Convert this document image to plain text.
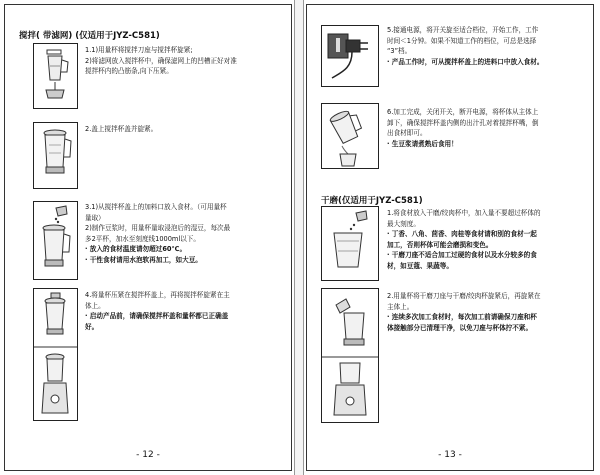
搅拌( 带滤网) (仅适用于JYZ-C581)

1.1)用量杯将搅拌刀座与搅拌杯旋紧;

2)将滤网放入搅拌杯中，确保滤网上的凹槽正好对准

搅拌杯内的凸筋条,向下压紧。

2.盖上搅拌杯盖并旋紧。

3.1)从搅拌杯盖上的加料口放入食材。（可用量杯

量取）

2)制作豆浆时，用量杯量取浸泡后的湿豆，每次最

多2平杯，加水至刻度线1000ml以下。

· 放入的食材温度请勿超过60℃。

· 干性食材请用水泡软再加工，如大豆。

4.将量杯压紧在搅拌杯盖上，再将搅拌杯旋紧在主

体上。

· 启动产品前，请确保搅拌杯盖和量杯都已正确盖

好。

- 12 -

5.接通电源，将开关旋至适合档位，开始工作，工作

时间＜1分钟。如果不知道工作的档位，可总是选择

“3”档。

· 产品工作时，可从搅拌杯盖上的进料口中放入食材。

6.加工完成，关闭开关，断开电源，将杯体从主体上

卸下，确保搅拌杯盖内侧的出汁孔对着搅拌杯嘴，倒

出食材即可。

· 生豆浆请煮熟后食用！

干磨(仅适用于JYZ-C581)

1.将食材放入干磨/绞肉杯中，加入量不要超过杯体的

最大刻度。

· 丁香、八角、茴香、肉桂等食材请和别的食材一起

加工，否则杯体可能会磨损和变色。

· 干磨刀座不适合加工过硬的食材以及水分较多的食

材，如豆蔻、果蔬等。

2.用量杯将干磨刀座与干磨/绞肉杯旋紧后，再旋紧在

主体上。

· 连续多次加工食材时，每次加工前请确保刀座和杯

体接触部分已清理干净，以免刀座与杯体拧不紧。

- 13 -
